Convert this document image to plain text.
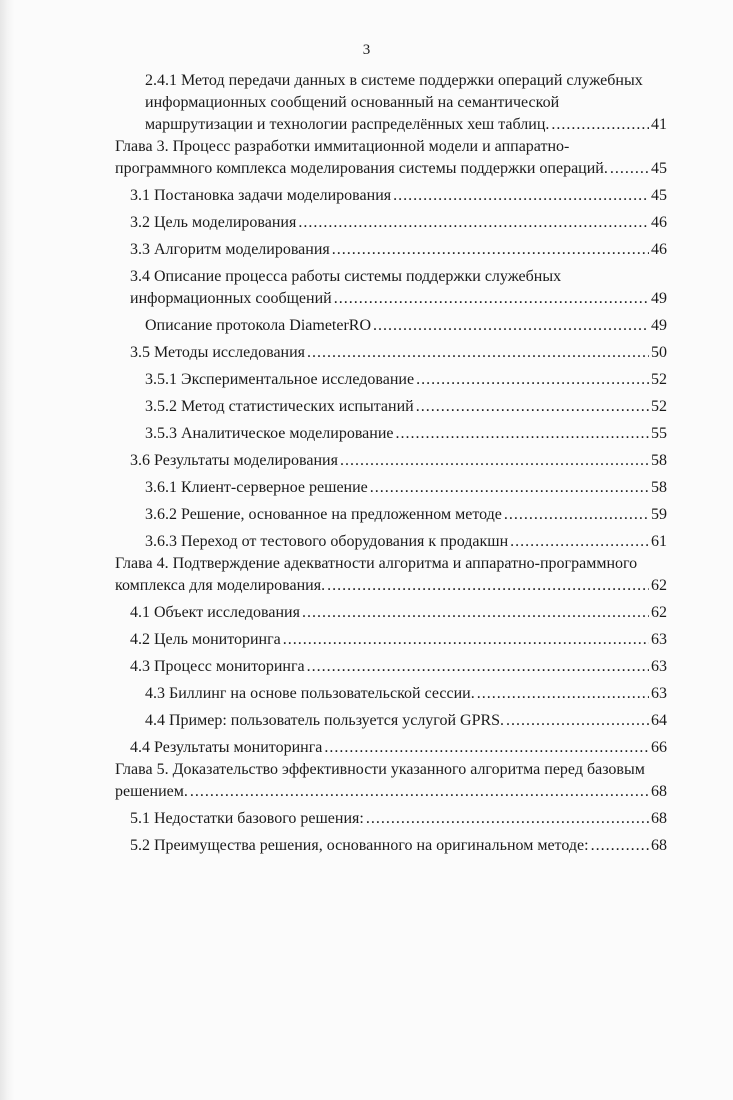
3
2.4.1 Метод передачи данных в системе поддержки операций служебных
информационных сообщений основанный на семантической
маршрутизации и технологии распределённых хеш таблиц. .....	41
Глава 3. Процесс разработки иммитационной модели и аппаратно-
программного комплекса моделирования системы поддержки операций. .....	45
3.1 Постановка задачи моделирования .....	45
3.2 Цель моделирования .....	46
3.3 Алгоритм моделирования .....	46
3.4 Описание процесса работы системы поддержки служебных
информационных сообщений .....	49
Описание протокола DiameterRO .....	49
3.5 Методы исследования .....	50
3.5.1 Экспериментальное исследование .....	52
3.5.2 Метод статистических испытаний .....	52
3.5.3 Аналитическое моделирование .....	55
3.6 Результаты моделирования .....	58
3.6.1 Клиент-серверное решение .....	58
3.6.2 Решение, основанное на предложенном методе .....	59
3.6.3 Переход от тестового оборудования к продакшн .....	61
Глава 4. Подтверждение адекватности алгоритма и аппаратно-программного
комплекса для моделирования. .....	62
4.1 Объект исследования .....	62
4.2 Цель мониторинга .....	63
4.3 Процесс мониторинга .....	63
4.3 Биллинг на основе пользовательской сессии. .....	63
4.4 Пример: пользователь пользуется услугой GPRS. .....	64
4.4 Результаты мониторинга .....	66
Глава 5. Доказательство эффективности указанного алгоритма перед базовым
решением. .....	68
5.1 Недостатки базового решения: .....	68
5.2 Преимущества решения, основанного на оригинальном методе: .....	68
